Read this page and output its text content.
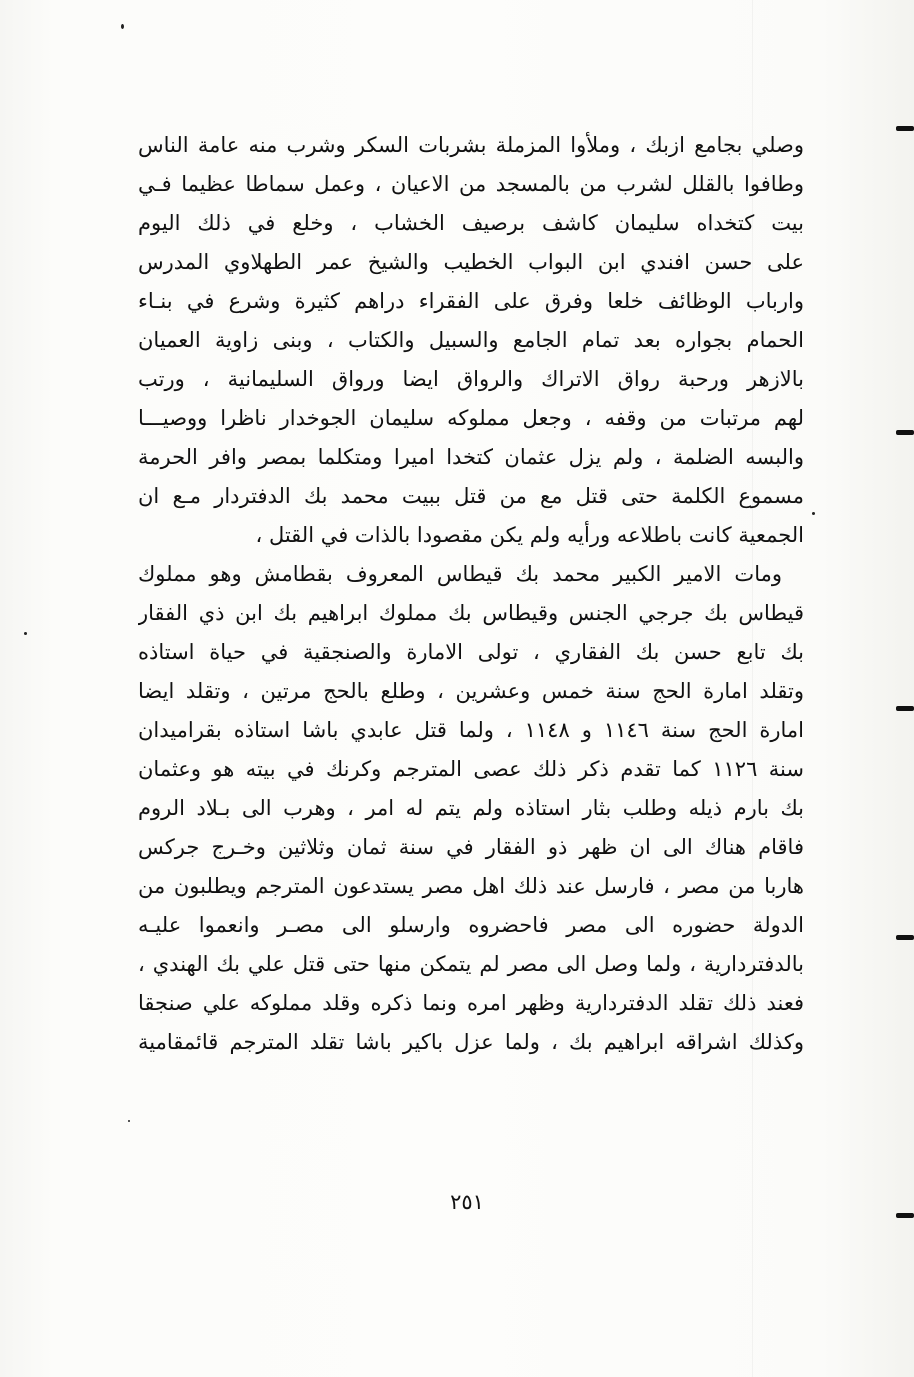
وصلي بجامع ازبك ، وملأوا المزملة بشربات السكر وشرب منه عامة الناس
وطافوا بالقلل لشرب من بالمسجد من الاعيان ، وعمل سماطا عظيما فـي
بيت كتخداه سليمان كاشف برصيف الخشاب ، وخلع في ذلك اليوم
على حسن افندي ابن البواب الخطيب والشيخ عمر الطهلاوي المدرس
وارباب الوظائف خلعا وفرق على الفقراء دراهم كثيرة وشرع في بنـاء
الحمام بجواره بعد تمام الجامع والسبيل والكتاب ، وبنى زاوية العميان
بالازهر ورحبة رواق الاتراك والرواق ايضا ورواق السليمانية ، ورتب
لهم مرتبات من وقفه ، وجعل مملوكه سليمان الجوخدار ناظرا ووصيـــا
والبسه الضلمة ، ولم يزل عثمان كتخدا اميرا ومتكلما بمصر وافر الحرمة
مسموع الكلمة حتى قتل مع من قتل ببيت محمد بك الدفتردار مـع ان
الجمعية كانت باطلاعه ورأيه ولم يكن مقصودا بالذات في القتل ،
ومات الامير الكبير محمد بك قيطاس المعروف بقطامش وهو مملوك
قيطاس بك جرجي الجنس وقيطاس بك مملوك ابراهيم بك ابن ذي الفقار
بك تابع حسن بك الفقاري ، تولى الامارة والصنجقية في حياة استاذه
وتقلد امارة الحج سنة خمس وعشرين ، وطلع بالحج مرتين ، وتقلد ايضا
امارة الحج سنة ١١٤٦ و ١١٤٨ ، ولما قتل عابدي باشا استاذه بقراميدان
سنة ١١٢٦ كما تقدم ذكر ذلك عصى المترجم وكرنك في بيته هو وعثمان
بك بارم ذيله وطلب بثار استاذه ولم يتم له امر ، وهرب الى بـلاد الروم
فاقام هناك الى ان ظهر ذو الفقار في سنة ثمان وثلاثين وخـرج جركس
هاربا من مصر ، فارسل عند ذلك اهل مصر يستدعون المترجم ويطلبون من
الدولة حضوره الى مصر فاحضروه وارسلو الى مصـر وانعموا عليـه
بالدفتردارية ، ولما وصل الى مصر لم يتمكن منها حتى قتل علي بك الهندي ،
فعند ذلك تقلد الدفتردارية وظهر امره ونما ذكره وقلد مملوكه علي صنجقا
وكذلك اشراقه ابراهيم بك ، ولما عزل باكير باشا تقلد المترجم قائمقامية
٢٥١
